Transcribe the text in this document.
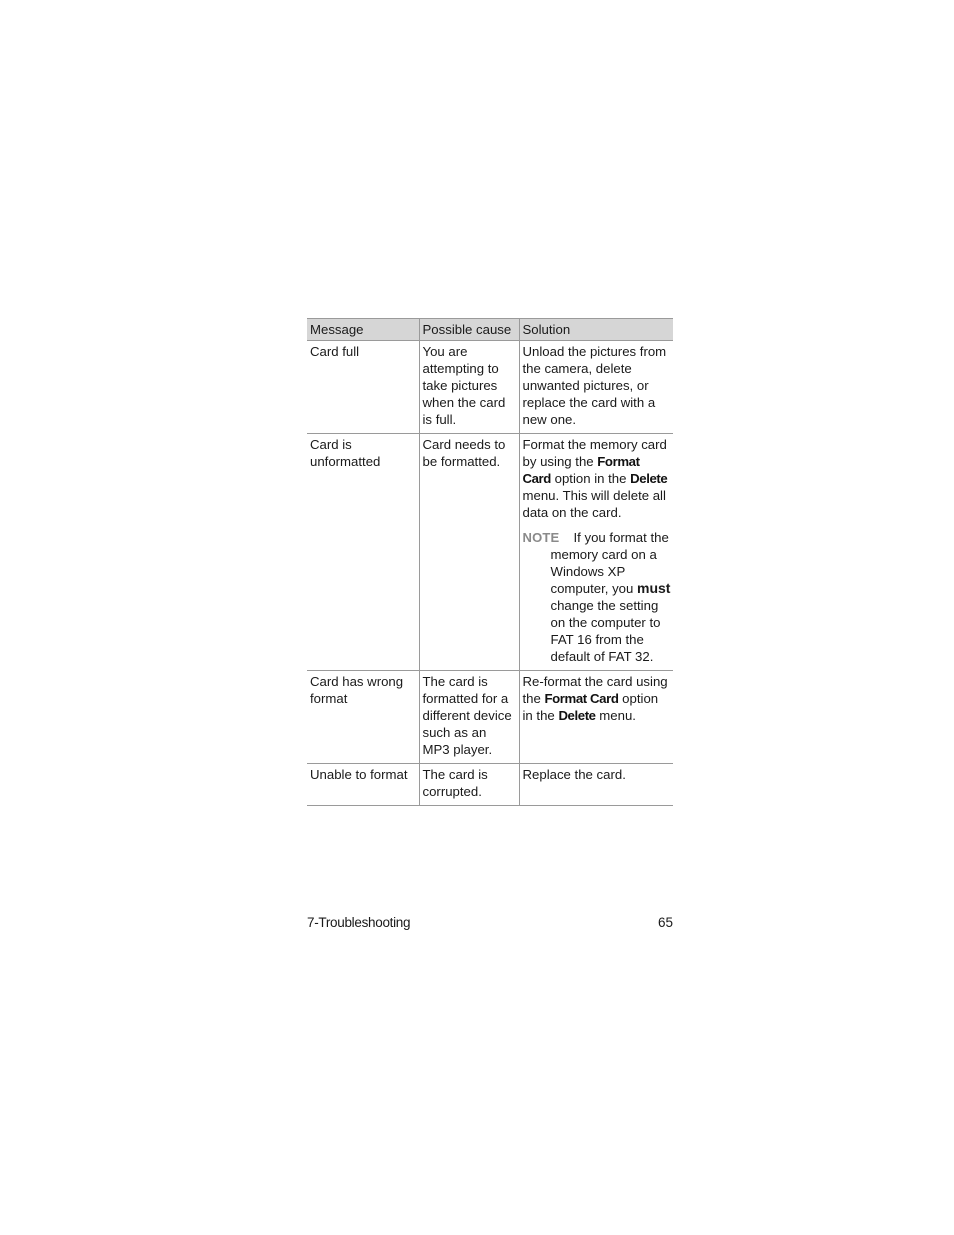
Message	Possible cause	Solution
Card full	You are attempting to take pictures when the card is full.	Unload the pictures from the camera, delete unwanted pictures, or replace the card with a new one.
Card is unformatted	Card needs to be formatted.	Format the memory card by using the Format Card option in the Delete menu. This will delete all data on the card.

NOTE If you format the
memory card on a Windows XP computer, you must change the setting on the computer to FAT 16 from the default of FAT 32.

Card has wrong format	The card is formatted for a different device such as an MP3 player.	Re-format the card using the Format Card option in the Delete menu.
Unable to format	The card is corrupted.	Replace the card.
7-Troubleshooting	65
